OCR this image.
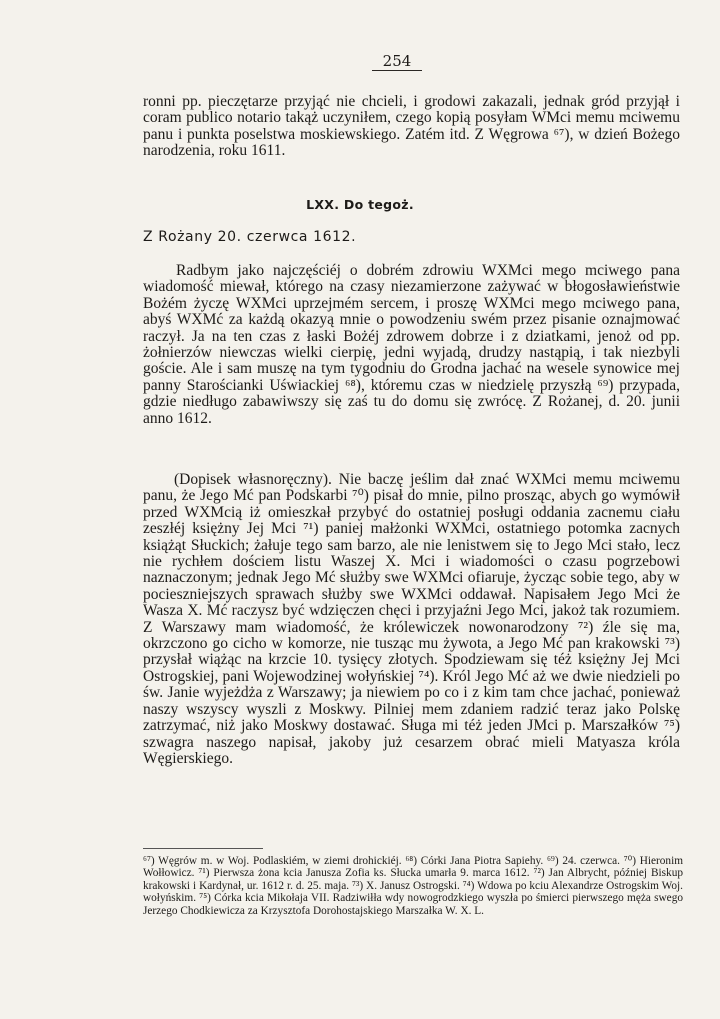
254

ronni pp. pieczętarze przyjąć nie chcieli, i grodowi zakazali, jednak gród przyjął i coram publico notario takąż uczyniłem, czego kopią posyłam WMci memu mciwemu panu i punkta poselstwa moskiewskiego. Zatém itd. Z Węgrowa ⁶⁷), w dzień Bożego narodzenia, roku 1611.

LXX. Do tegoż.
Z Rożany 20. czerwca 1612.

Radbym jako najczęściéj o dobrém zdrowiu WXMci mego mciwego pana wiadomość miewał, którego na czasy niezamierzone zażywać w błogosławieństwie Bożém życzę WXMci uprzejmém sercem, i proszę WXMci mego mciwego pana, abyś WXMć za każdą okazyą mnie o powodzeniu swém przez pisanie oznajmować raczył. Ja na ten czas z łaski Bożéj zdrowem dobrze i z dziatkami, jenoż od pp. żołnierzów niewczas wielki cierpię, jedni wyjadą, drudzy nastąpią, i tak niezbyli goście. Ale i sam muszę na tym tygodniu do Grodna jachać na wesele synowice mej panny Starościanki Uświackiej ⁶⁸), któremu czas w niedzielę przyszłą ⁶⁹) przypada, gdzie niedługo zabawiwszy się zaś tu do domu się zwrócę. Z Rożanej, d. 20. junii anno 1612.

(Dopisek własnoręczny). Nie baczę jeślim dał znać WXMci memu mciwemu panu, że Jego Mć pan Podskarbi ⁷⁰) pisał do mnie, pilno prosząc, abych go wymówił przed WXMcią iż omieszkał przybyć do ostatniej posługi oddania zacnemu ciału zeszłéj księżny Jej Mci ⁷¹) paniej małżonki WXMci, ostatniego potomka zacnych książąt Słuckich; żałuje tego sam barzo, ale nie lenistwem się to Jego Mci stało, lecz nie rychłem dościem listu Waszej X. Mci i wiadomości o czasu pogrzebowi naznaczonym; jednak Jego Mć służby swe WXMci ofiaruje, życząc sobie tego, aby w pocieszniejszych sprawach służby swe WXMci oddawał. Napisałem Jego Mci że Wasza X. Mć raczysz być wdzięczen chęci i przyjaźni Jego Mci, jakoż tak rozumiem. Z Warszawy mam wiadomość, że królewiczek nowonarodzony ⁷²) źle się ma, okrzczono go cicho w komorze, nie tusząc mu żywota, a Jego Mć pan krakowski ⁷³) przysłał wiążąc na krzcie 10. tysięcy złotych. Spodziewam się téż księżny Jej Mci Ostrogskiej, pani Wojewodzinej wołyńskiej ⁷⁴). Król Jego Mć aż we dwie niedzieli po św. Janie wyjeżdża z Warszawy; ja niewiem po co i z kim tam chce jachać, ponieważ naszy wszyscy wyszli z Moskwy. Pilniej mem zdaniem radzić teraz jako Polskę zatrzymać, niż jako Moskwy dostawać. Sługa mi téż jeden JMci p. Marszałków ⁷⁵) szwagra naszego napisał, jakoby już cesarzem obrać mieli Matyasza króla Węgierskiego.

⁶⁷) Węgrów m. w Woj. Podlaskiém, w ziemi drohickiéj. ⁶⁸) Córki Jana Piotra Sapiehy. ⁶⁹) 24. czerwca. ⁷⁰) Hieronim Wołłowicz. ⁷¹) Pierwsza żona kcia Janusza Zofia ks. Słucka umarła 9. marca 1612. ⁷²) Jan Albrycht, później Biskup krakowski i Kardynał, ur. 1612 r. d. 25. maja. ⁷³) X. Janusz Ostrogski. ⁷⁴) Wdowa po kciu Alexandrze Ostrogskim Woj. wołyńskim. ⁷⁵) Córka kcia Mikołaja VII. Radziwiłła wdy nowogrodzkiego wyszła po śmierci pierwszego męża swego Jerzego Chodkiewicza za Krzysztofa Dorohostajskiego Marszałka W. X. L.
